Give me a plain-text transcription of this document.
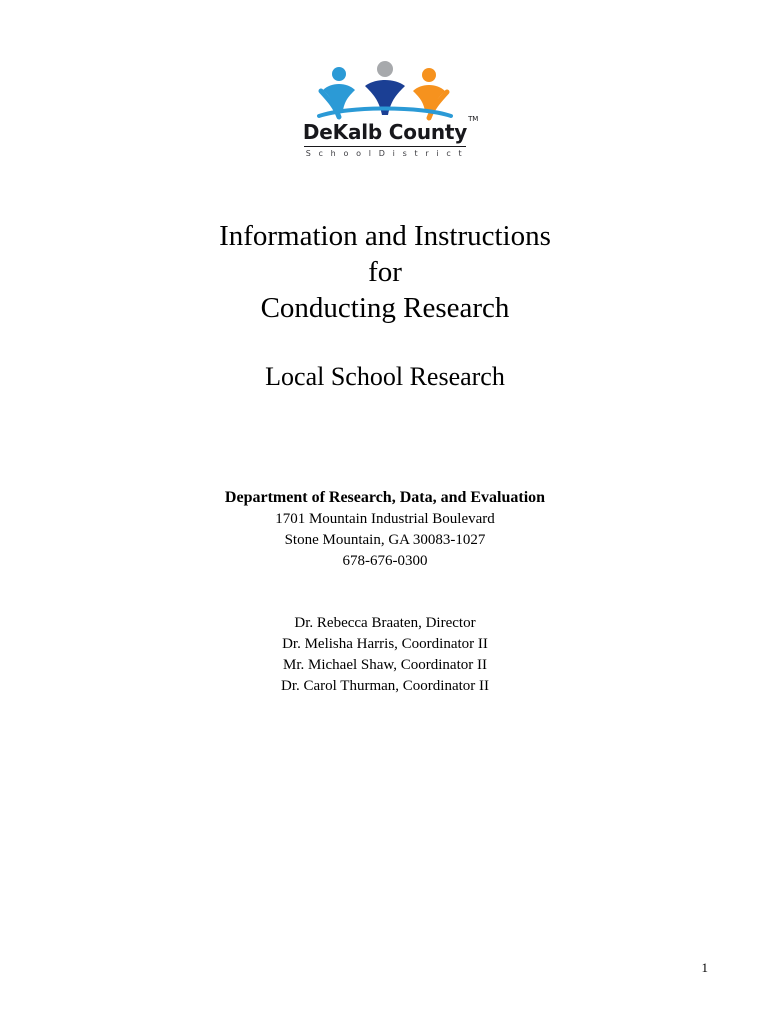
DeKalb County
TM
S c h o o l D i s t r i c t
Information and Instructions
for
Conducting Research
Local School Research
Department of Research, Data, and Evaluation
1701 Mountain Industrial Boulevard
Stone Mountain, GA 30083-1027
678-676-0300
Dr. Rebecca Braaten, Director
Dr. Melisha Harris, Coordinator II
Mr. Michael Shaw, Coordinator II
Dr. Carol Thurman, Coordinator II
1
